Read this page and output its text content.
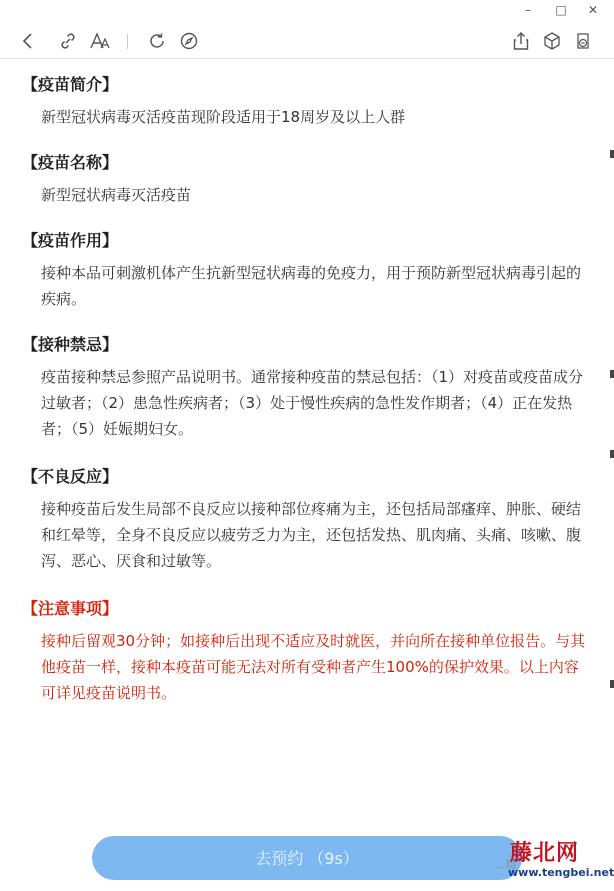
–	□ ✕
【疫苗简介】
新型冠状病毒灭活疫苗现阶段适用于18周岁及以上人群
【疫苗名称】
新型冠状病毒灭活疫苗
【疫苗作用】
接种本品可刺激机体产生抗新型冠状病毒的免疫力，用于预防新型冠状病毒引起的疾病。
【接种禁忌】
疫苗接种禁忌参照产品说明书。通常接种疫苗的禁忌包括：（1）对疫苗或疫苗成分过敏者；（2）患急性疾病者；（3）处于慢性疾病的急性发作期者；（4）正在发热者；（5）妊娠期妇女。
【不良反应】
接种疫苗后发生局部不良反应以接种部位疼痛为主，还包括局部瘙痒、肿胀、硬结和红晕等，全身不良反应以疲劳乏力为主，还包括发热、肌肉痛、头痛、咳嗽、腹泻、恶心、厌食和过敏等。
【注意事项】
接种后留观30分钟；如接种后出现不适应及时就医，并向所在接种单位报告。与其他疫苗一样，接种本疫苗可能无法对所有受种者产生100%的保护效果。以上内容可详见疫苗说明书。
去预约 （9s）	…局
藤北网
www.tengbei.net
